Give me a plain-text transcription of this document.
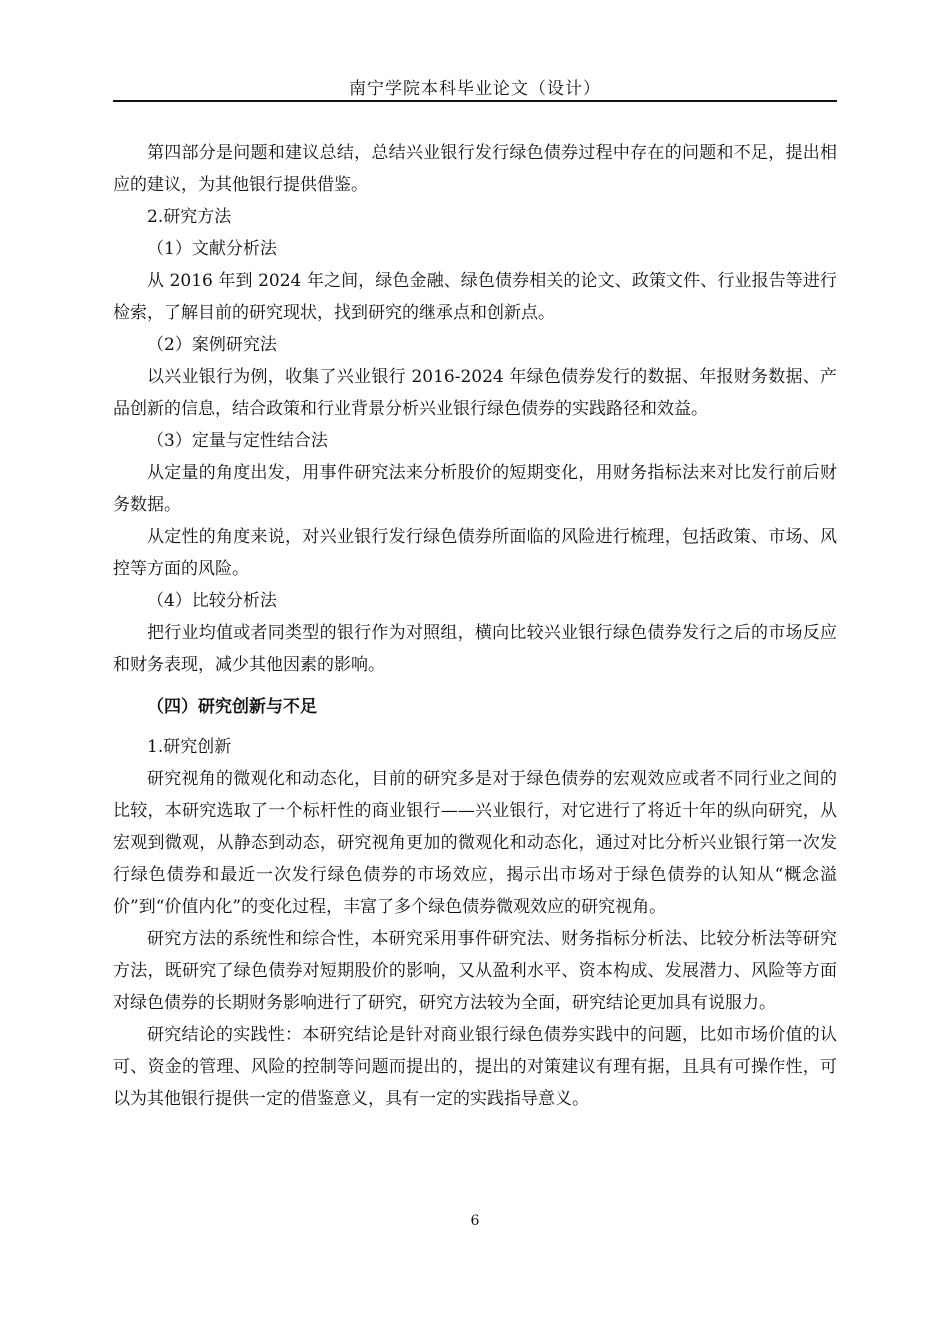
南宁学院本科毕业论文（设计）

第四部分是问题和建议总结，总结兴业银行发行绿色债券过程中存在的问题和不足，提出相应的建议，为其他银行提供借鉴。

2.研究方法

（1）文献分析法

从 2016 年到 2024 年之间，绿色金融、绿色债券相关的论文、政策文件、行业报告等进行检索，了解目前的研究现状，找到研究的继承点和创新点。

（2）案例研究法

以兴业银行为例，收集了兴业银行 2016-2024 年绿色债券发行的数据、年报财务数据、产品创新的信息，结合政策和行业背景分析兴业银行绿色债券的实践路径和效益。

（3）定量与定性结合法

从定量的角度出发，用事件研究法来分析股价的短期变化，用财务指标法来对比发行前后财务数据。

从定性的角度来说，对兴业银行发行绿色债券所面临的风险进行梳理，包括政策、市场、风控等方面的风险。

（4）比较分析法

把行业均值或者同类型的银行作为对照组，横向比较兴业银行绿色债券发行之后的市场反应和财务表现，减少其他因素的影响。

（四）研究创新与不足

1.研究创新

研究视角的微观化和动态化，目前的研究多是对于绿色债券的宏观效应或者不同行业之间的比较，本研究选取了一个标杆性的商业银行——兴业银行，对它进行了将近十年的纵向研究，从宏观到微观，从静态到动态，研究视角更加的微观化和动态化，通过对比分析兴业银行第一次发行绿色债券和最近一次发行绿色债券的市场效应，揭示出市场对于绿色债券的认知从“概念溢价”到“价值内化”的变化过程，丰富了多个绿色债券微观效应的研究视角。

研究方法的系统性和综合性，本研究采用事件研究法、财务指标分析法、比较分析法等研究方法，既研究了绿色债券对短期股价的影响，又从盈利水平、资本构成、发展潜力、风险等方面对绿色债券的长期财务影响进行了研究，研究方法较为全面，研究结论更加具有说服力。

研究结论的实践性：本研究结论是针对商业银行绿色债券实践中的问题，比如市场价值的认可、资金的管理、风险的控制等问题而提出的，提出的对策建议有理有据，且具有可操作性，可以为其他银行提供一定的借鉴意义，具有一定的实践指导意义。

6
